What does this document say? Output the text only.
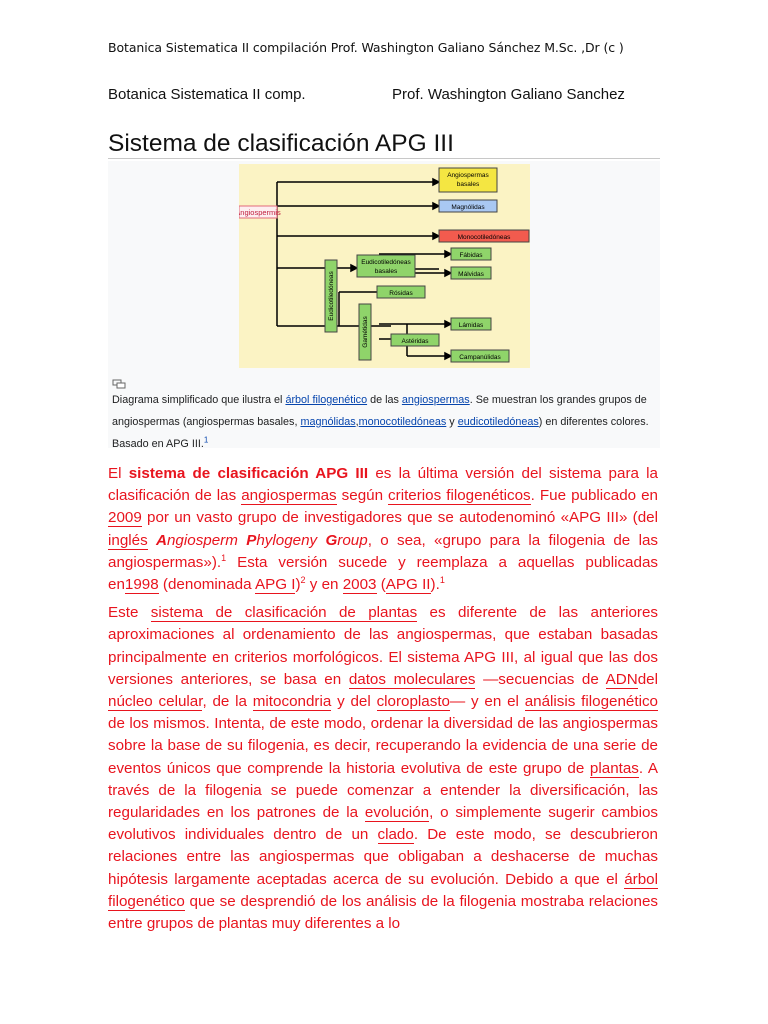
Botanica Sistematica II compilación Prof. Washington Galiano Sánchez M.Sc. ,Dr (c )
Botanica Sistematica II comp.	Prof. Washington Galiano Sanchez
Sistema de clasificación APG III
Angiospermis
Angiospermas
basales
Magnólidas
Monocotiledóneas
Eudicotiledóneas
basales
Eudicotiledóneas	Rósidas
Fábidas
Málvidas
Gamétidas	Astéridas
Lámidas
Campanúlidas
Diagrama simplificado que ilustra el árbol filogenético de las angiospermas. Se muestran los grandes grupos de angiospermas (angiospermas basales, magnólidas,monocotiledóneas y eudicotiledóneas) en diferentes colores. Basado en APG III.$^1$

El sistema de clasificación APG III es la última versión del sistema para la clasificación de las angiospermas según criterios filogenéticos. Fue publicado en 2009 por un vasto grupo de investigadores que se autodenominó «APG III» (del inglés Angiosperm Phylogeny Group, o sea, «grupo para la filogenia de las angiospermas»).$^1$ Esta versión sucede y reemplaza a aquellas publicadas en1998 (denominada APG I)$^2$ y en 2003 (APG II).$^1$

Este sistema de clasificación de plantas es diferente de las anteriores aproximaciones al ordenamiento de las angiospermas, que estaban basadas principalmente en criterios morfológicos. El sistema APG III, al igual que las dos versiones anteriores, se basa en datos moleculares —secuencias de ADNdel núcleo celular, de la mitocondria y del cloroplasto— y en el análisis filogenético de los mismos. Intenta, de este modo, ordenar la diversidad de las angiospermas sobre la base de su filogenia, es decir, recuperando la evidencia de una serie de eventos únicos que comprende la historia evolutiva de este grupo de plantas. A través de la filogenia se puede comenzar a entender la diversificación, las regularidades en los patrones de la evolución, o simplemente sugerir cambios evolutivos individuales dentro de un clado. De este modo, se descubrieron relaciones entre las angiospermas que obligaban a deshacerse de muchas hipótesis largamente aceptadas acerca de su evolución. Debido a que el árbol filogenético que se desprendió de los análisis de la filogenia mostraba relaciones entre grupos de plantas muy diferentes a lo
